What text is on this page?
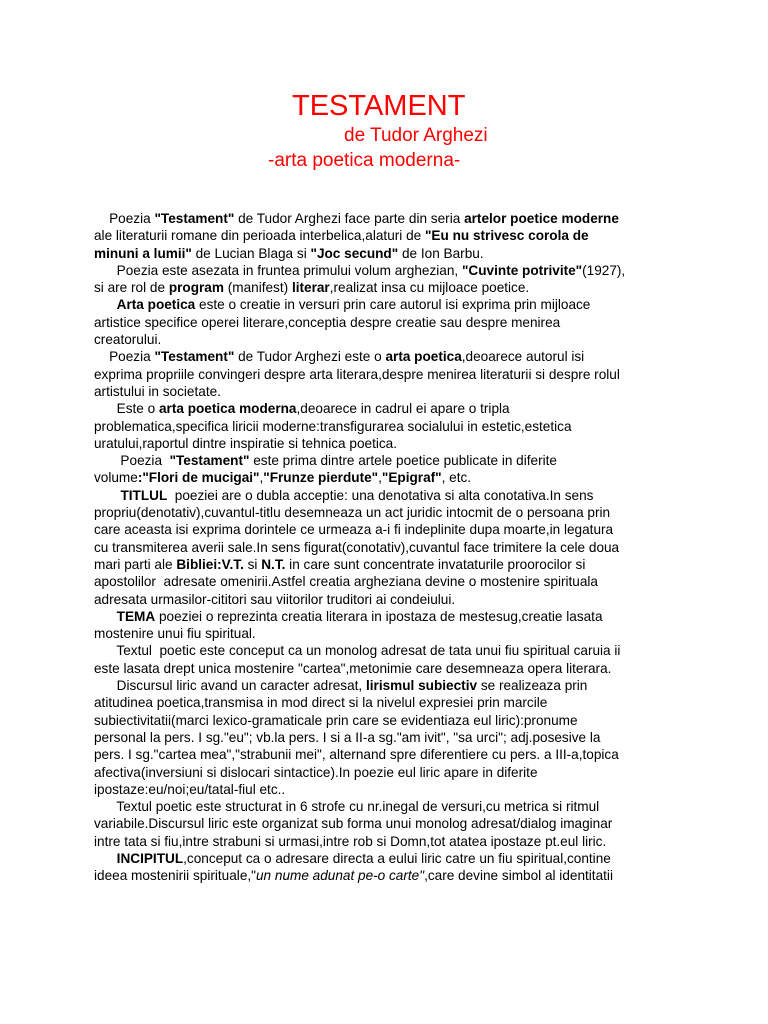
TESTAMENT
de Tudor Arghezi
-arta poetica moderna-
Poezia "Testament" de Tudor Arghezi face parte din seria artelor poetice moderne
ale literaturii romane din perioada interbelica,alaturi de "Eu nu strivesc corola de
minuni a lumii" de Lucian Blaga si "Joc secund" de Ion Barbu.
Poezia este asezata in fruntea primului volum arghezian, "Cuvinte potrivite"(1927),
si are rol de program (manifest) literar,realizat insa cu mijloace poetice.
Arta poetica este o creatie in versuri prin care autorul isi exprima prin mijloace
artistice specifice operei literare,conceptia despre creatie sau despre menirea
creatorului.
Poezia "Testament" de Tudor Arghezi este o arta poetica,deoarece autorul isi
exprima propriile convingeri despre arta literara,despre menirea literaturii si despre rolul
artistului in societate.
Este o arta poetica moderna,deoarece in cadrul ei apare o tripla
problematica,specifica liricii moderne:transfigurarea socialului in estetic,estetica
uratului,raportul dintre inspiratie si tehnica poetica.
Poezia  "Testament" este prima dintre artele poetice publicate in diferite
volume:"Flori de mucigai","Frunze pierdute","Epigraf", etc.
TITLUL  poeziei are o dubla acceptie: una denotativa si alta conotativa.In sens
propriu(denotativ),cuvantul-titlu desemneaza un act juridic intocmit de o persoana prin
care aceasta isi exprima dorintele ce urmeaza a-i fi indeplinite dupa moarte,in legatura
cu transmiterea averii sale.In sens figurat(conotativ),cuvantul face trimitere la cele doua
mari parti ale Bibliei:V.T. si N.T. in care sunt concentrate invataturile proorocilor si
apostolilor  adresate omenirii.Astfel creatia argheziana devine o mostenire spirituala
adresata urmasilor-cititori sau viitorilor truditori ai condeiului.
TEMA poeziei o reprezinta creatia literara in ipostaza de mestesug,creatie lasata
mostenire unui fiu spiritual.
Textul  poetic este conceput ca un monolog adresat de tata unui fiu spiritual caruia ii
este lasata drept unica mostenire "cartea",metonimie care desemneaza opera literara.
Discursul liric avand un caracter adresat, lirismul subiectiv se realizeaza prin
atitudinea poetica,transmisa in mod direct si la nivelul expresiei prin marcile
subiectivitatii(marci lexico-gramaticale prin care se evidentiaza eul liric):pronume
personal la pers. I sg."eu"; vb.la pers. I si a II-a sg."am ivit", "sa urci"; adj.posesive la
pers. I sg."cartea mea","strabunii mei", alternand spre diferentiere cu pers. a III-a,topica
afectiva(inversiuni si dislocari sintactice).In poezie eul liric apare in diferite
ipostaze:eu/noi;eu/tatal-fiul etc..
Textul poetic este structurat in 6 strofe cu nr.inegal de versuri,cu metrica si ritmul
variabile.Discursul liric este organizat sub forma unui monolog adresat/dialog imaginar
intre tata si fiu,intre strabuni si urmasi,intre rob si Domn,tot atatea ipostaze pt.eul liric.
INCIPITUL,conceput ca o adresare directa a eului liric catre un fiu spiritual,contine
ideea mostenirii spirituale,"un nume adunat pe-o carte",care devine simbol al identitatii
